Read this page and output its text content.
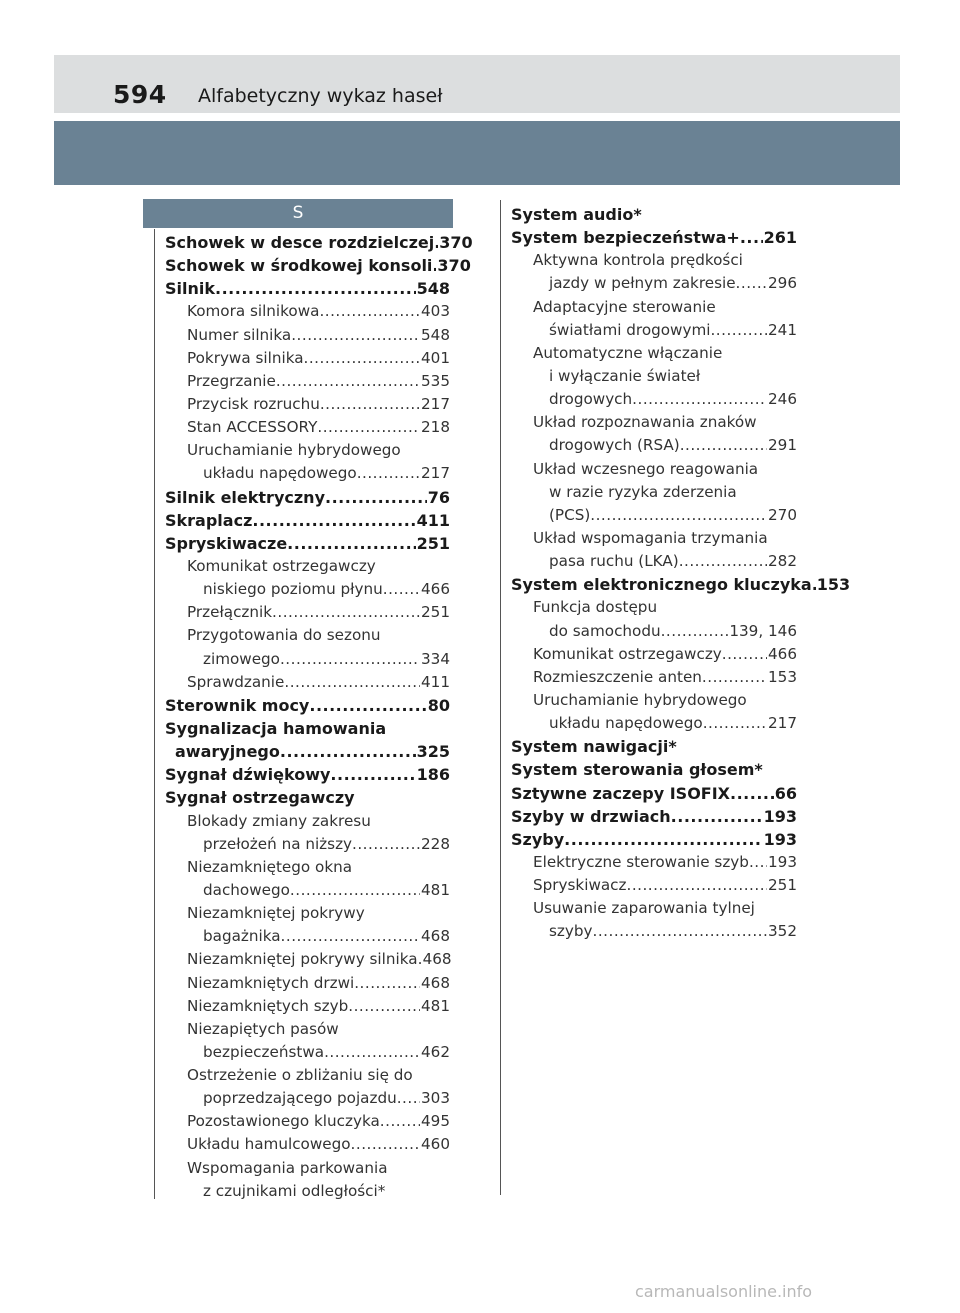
594 Alfabetyczny wykaz haseł
S
Schowek w desce rozdzielczej ..... 370
Schowek w środkowej konsoli ..... 370
Silnik .....	548
Komora silnikowa .....	403
Numer silnika .....	548
Pokrywa silnika .....	401
Przegrzanie .....	535
Przycisk rozruchu .....	217
Stan ACCESSORY .....	218
Uruchamianie hybrydowego
układu napędowego .....	217
Silnik elektryczny .....	76
Skraplacz .....	411
Spryskiwacze .....	251
Komunikat ostrzegawczy
niskiego poziomu płynu .....	466
Przełącznik .....	251
Przygotowania do sezonu
zimowego .....	334
Sprawdzanie .....	411
Sterownik mocy .....	80
Sygnalizacja hamowania
awaryjnego .....	325
Sygnał dźwiękowy .....	186
Sygnał ostrzegawczy
Blokady zmiany zakresu
przełożeń na niższy .....	228
Niezamkniętego okna
dachowego .....	481
Niezamkniętej pokrywy
bagażnika .....	468
Niezamkniętej pokrywy silnika ..... 468
Niezamkniętych drzwi .....	468
Niezamkniętych szyb .....	481
Niezapiętych pasów
bezpieczeństwa .....	462
Ostrzeżenie o zbliżaniu się do
poprzedzającego pojazdu ..... 303
Pozostawionego kluczyka .....	495
Układu hamulcowego .....	460
Wspomagania parkowania
z czujnikami odległości*
System audio*
System bezpieczeństwa+ ..... 261
Aktywna kontrola prędkości
jazdy w pełnym zakresie ..... 296
Adaptacyjne sterowanie
światłami drogowymi .....	241
Automatyczne włączanie
i wyłączanie świateł
drogowych .....	246
Układ rozpoznawania znaków
drogowych (RSA) .....	291
Układ wczesnego reagowania
w razie ryzyka zderzenia
(PCS) .....	270
Układ wspomagania trzymania
pasa ruchu (LKA) .....	282
System elektronicznego kluczyka ..... 153
Funkcja dostępu
do samochodu .....	139, 146
Komunikat ostrzegawczy .....	466
Rozmieszczenie anten .....	153
Uruchamianie hybrydowego
układu napędowego .....	217
System nawigacji*
System sterowania głosem*
Sztywne zaczepy ISOFIX .....	66
Szyby w drzwiach .....	193
Szyby .....	193
Elektryczne sterowanie szyb ..... 193
Spryskiwacz .....	251
Usuwanie zaparowania tylnej
szyby .....	352
carmanualsonline.info
